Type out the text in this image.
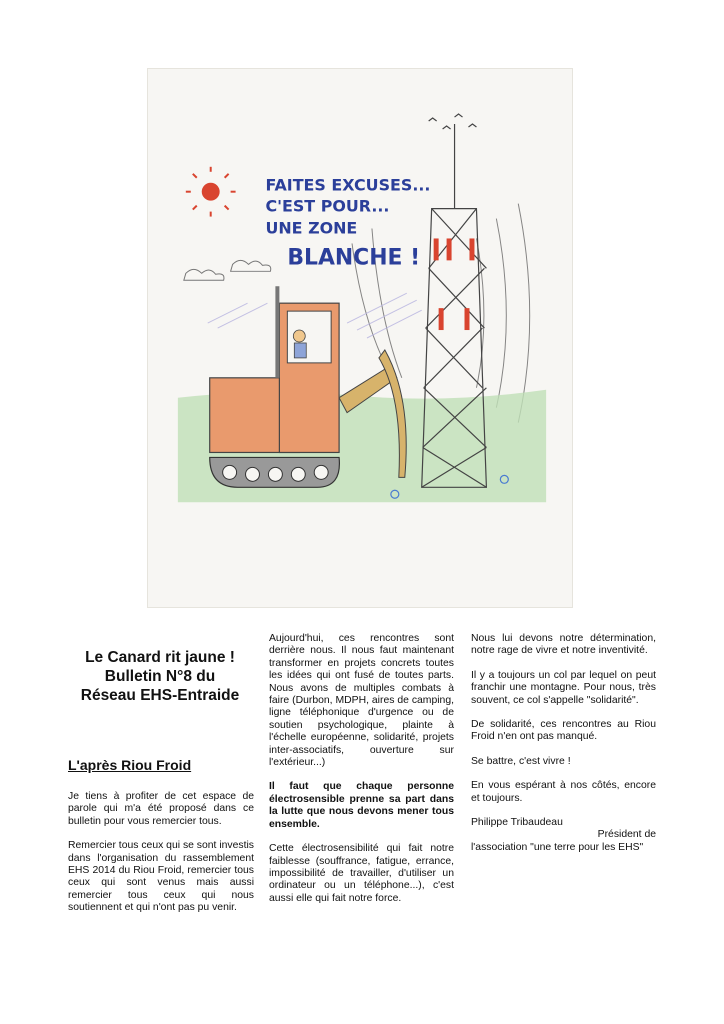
FAITES EXCUSES...
C'EST POUR...
UNE ZONE
BLANCHE !
Le Canard rit jaune !
Bulletin N°8 du
Réseau EHS-Entraide
L'après Riou Froid

Je tiens à profiter de cet espace de parole qui m'a été proposé dans ce bulletin pour vous remercier tous.

Remercier tous ceux qui se sont investis dans l'organisation du rassemblement EHS 2014 du Riou Froid, remercier tous ceux qui sont venus mais aussi remercier tous ceux qui nous soutiennent et qui n'ont pas pu venir.

Aujourd'hui, ces rencontres sont derrière nous. Il nous faut maintenant transformer en projets concrets toutes les idées qui ont fusé de toutes parts. Nous avons de multiples combats à faire (Durbon, MDPH, aires de camping, ligne téléphonique d'urgence ou de soutien psychologique, plainte à l'échelle européenne, solidarité, projets inter-associatifs, ouverture sur l'extérieur...)

Il faut que chaque personne électrosensible prenne sa part dans la lutte que nous devons mener tous ensemble.

Cette électrosensibilité qui fait notre faiblesse (souffrance, fatigue, errance, impossibilité de travailler, d'utiliser un ordinateur ou un téléphone...), c'est aussi elle qui fait notre force.

Nous lui devons notre détermination, notre rage de vivre et notre inventivité.

Il y a toujours un col par lequel on peut franchir une montagne. Pour nous, très souvent, ce col s'appelle "solidarité".

De solidarité, ces rencontres au Riou Froid n'en ont pas manqué.

Se battre, c'est vivre !

En vous espérant à nos côtés, encore et toujours.

Philippe Tribaudeau

Président de

l'association "une terre pour les EHS"
